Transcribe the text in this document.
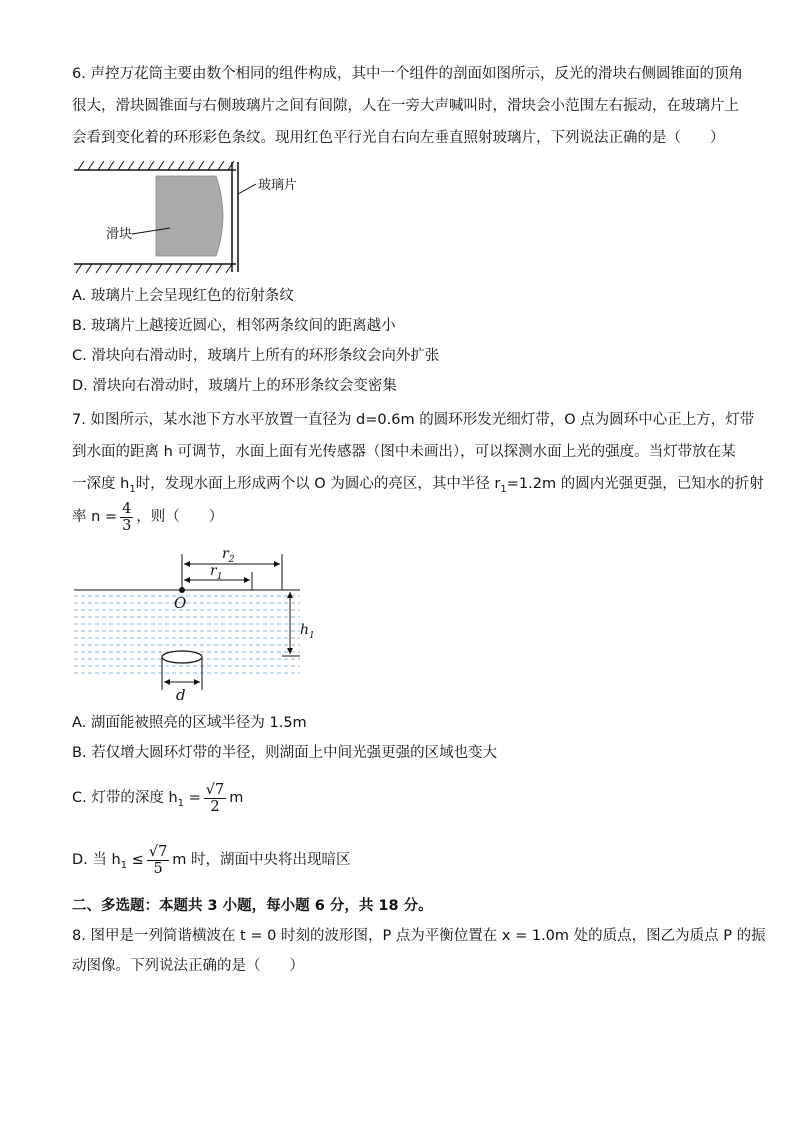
6. 声控万花筒主要由数个相同的组件构成，其中一个组件的剖面如图所示，反光的滑块右侧圆锥面的顶角
很大，滑块圆锥面与右侧玻璃片之间有间隙，人在一旁大声喊叫时，滑块会小范围左右振动，在玻璃片上
会看到变化着的环形彩色条纹。现用红色平行光自右向左垂直照射玻璃片，下列说法正确的是（　　）
玻璃片
滑块
A. 玻璃片上会呈现红色的衍射条纹
B. 玻璃片上越接近圆心，相邻两条纹间的距离越小
C. 滑块向右滑动时，玻璃片上所有的环形条纹会向外扩张
D. 滑块向右滑动时，玻璃片上的环形条纹会变密集
7. 如图所示，某水池下方水平放置一直径为 d=0.6m 的圆环形发光细灯带，O 点为圆环中心正上方，灯带
到水面的距离 h 可调节，水面上面有光传感器（图中未画出），可以探测水面上光的强度。当灯带放在某
一深度 $h_1$时，发现水面上形成两个以 O 为圆心的亮区，其中半径 $r_1=1.2m$ 的圆内光强更强，已知水的折射
率 $n = \frac{4}{3}$ ，则（　　）
$r_2$
$r_1$
O
$h_1$
d
A. 湖面能被照亮的区域半径为 1.5m
B. 若仅增大圆环灯带的半径，则湖面上中间光强更强的区域也变大
C. 灯带的深度 $h_1 = \frac{√7}{2}$ m
D. 当 $h_1 \le \frac{√7}{5}$ m 时，湖面中央将出现暗区
二、多选题：本题共 3 小题，每小题 6 分，共 18 分。
8. 图甲是一列简谐横波在 t = 0 时刻的波形图，P 点为平衡位置在 x = 1.0m 处的质点，图乙为质点 P 的振
动图像。下列说法正确的是（　　）
